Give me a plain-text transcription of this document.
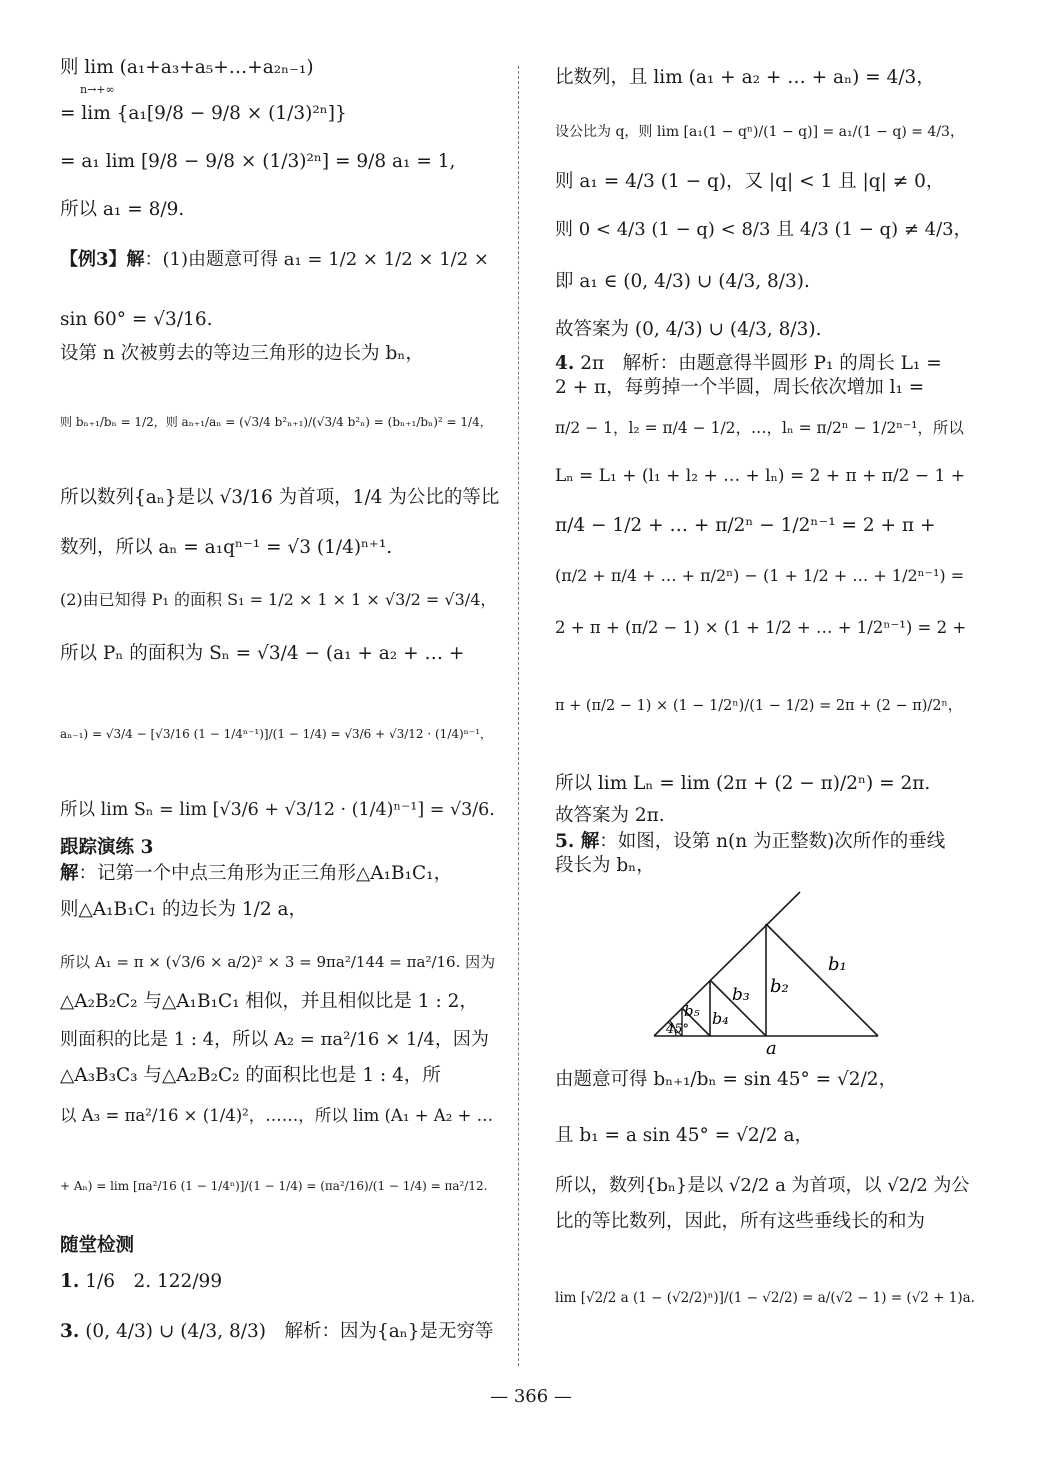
则 lim (a₁+a₃+a₅+…+a₂ₙ₋₁)
n→+∞
= lim {a₁[9/8 − 9/8 × (1/3)²ⁿ]}
= a₁ lim [9/8 − 9/8 × (1/3)²ⁿ] = 9/8 a₁ = 1,
所以 a₁ = 8/9.
【例3】解：(1)由题意可得 a₁ = 1/2 × 1/2 × 1/2 ×
sin 60° = √3/16.
设第 n 次被剪去的等边三角形的边长为 bₙ，
则 bₙ₊₁/bₙ = 1/2，则 aₙ₊₁/aₙ = (√3/4 b²ₙ₊₁)/(√3/4 b²ₙ) = (bₙ₊₁/bₙ)² = 1/4，
所以数列{aₙ}是以 √3/16 为首项，1/4 为公比的等比
数列，所以 aₙ = a₁qⁿ⁻¹ = √3 (1/4)ⁿ⁺¹.
(2)由已知得 P₁ 的面积 S₁ = 1/2 × 1 × 1 × √3/2 = √3/4，
所以 Pₙ 的面积为 Sₙ = √3/4 − (a₁ + a₂ + … +
aₙ₋₁) = √3/4 − [√3/16 (1 − 1/4ⁿ⁻¹)]/(1 − 1/4) = √3/6 + √3/12 · (1/4)ⁿ⁻¹，
所以 lim Sₙ = lim [√3/6 + √3/12 · (1/4)ⁿ⁻¹] = √3/6.
跟踪演练 3
解：记第一个中点三角形为正三角形△A₁B₁C₁，
则△A₁B₁C₁ 的边长为 1/2 a，
所以 A₁ = π × (√3/6 × a/2)² × 3 = 9πa²/144 = πa²/16. 因为
△A₂B₂C₂ 与△A₁B₁C₁ 相似，并且相似比是 1 : 2，
则面积的比是 1 : 4，所以 A₂ = πa²/16 × 1/4，因为
△A₃B₃C₃ 与△A₂B₂C₂ 的面积比也是 1 : 4，所
以 A₃ = πa²/16 × (1/4)²，……，所以 lim (A₁ + A₂ + …
+ Aₙ) = lim [πa²/16 (1 − 1/4ⁿ)]/(1 − 1/4) = (πa²/16)/(1 − 1/4) = πa²/12.
随堂检测
1. 1/6　2. 122/99
3. (0, 4/3) ∪ (4/3, 8/3)　解析：因为{aₙ}是无穷等
比数列，且 lim (a₁ + a₂ + … + aₙ) = 4/3，
设公比为 q，则 lim [a₁(1 − qⁿ)/(1 − q)] = a₁/(1 − q) = 4/3，
则 a₁ = 4/3 (1 − q)，又 |q| < 1 且 |q| ≠ 0，
则 0 < 4/3 (1 − q) < 8/3 且 4/3 (1 − q) ≠ 4/3，
即 a₁ ∈ (0, 4/3) ∪ (4/3, 8/3).
故答案为 (0, 4/3) ∪ (4/3, 8/3).
4. 2π　解析：由题意得半圆形 P₁ 的周长 L₁ =
2 + π，每剪掉一个半圆，周长依次增加 l₁ =
π/2 − 1，l₂ = π/4 − 1/2，…，lₙ = π/2ⁿ − 1/2ⁿ⁻¹，所以
Lₙ = L₁ + (l₁ + l₂ + … + lₙ) = 2 + π + π/2 − 1 +
π/4 − 1/2 + … + π/2ⁿ − 1/2ⁿ⁻¹ = 2 + π +
(π/2 + π/4 + … + π/2ⁿ) − (1 + 1/2 + … + 1/2ⁿ⁻¹) =
2 + π + (π/2 − 1) × (1 + 1/2 + … + 1/2ⁿ⁻¹) = 2 +
π + (π/2 − 1) × (1 − 1/2ⁿ)/(1 − 1/2) = 2π + (2 − π)/2ⁿ，
所以 lim Lₙ = lim (2π + (2 − π)/2ⁿ) = 2π.
故答案为 2π.
5. 解：如图，设第 n(n 为正整数)次所作的垂线
段长为 bₙ，
由题意可得 bₙ₊₁/bₙ = sin 45° = √2/2，
且 b₁ = a sin 45° = √2/2 a，
所以，数列{bₙ}是以 √2/2 a 为首项，以 √2/2 为公
比的等比数列，因此，所有这些垂线长的和为
lim [√2/2 a (1 − (√2/2)ⁿ)]/(1 − √2/2) = a/(√2 − 1) = (√2 + 1)a.
b₁
b₂
b₃
b₄
b₅
a
45°
— 366 —
